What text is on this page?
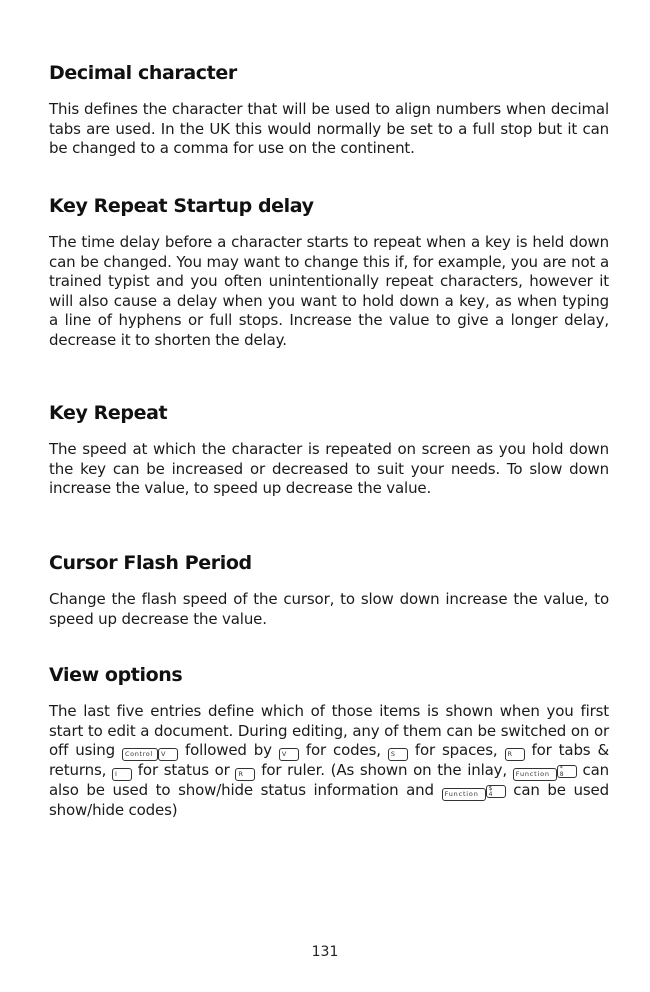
Decimal character

This defines the character that will be used to align numbers when decimal tabs are used. In the UK this would normally be set to a full stop but it can be changed to a comma for use on the continent.

Key Repeat Startup delay

The time delay before a character starts to repeat when a key is held down can be changed. You may want to change this if, for example, you are not a trained typist and you often unintentionally repeat characters, however it will also cause a delay when you want to hold down a key, as when typing a line of hyphens or full stops. Increase the value to give a longer delay, decrease it to shorten the delay.

Key Repeat

The speed at which the character is repeated on screen as you hold down the key can be increased or decreased to suit your needs. To slow down increase the value, to speed up decrease the value.

Cursor Flash Period

Change the flash speed of the cursor, to slow down increase the value, to speed up decrease the value.

View options

The last five entries define which of those items is shown when you first start to edit a document. During editing, any of them can be switched on or off using Control V followed by V for codes, S for spaces, R for tabs & returns, I for status or R for ruler. (As shown on the inlay, Function
*
8	can also be used to show/hide status information and Function
$
4	can be used show/hide codes)

131
